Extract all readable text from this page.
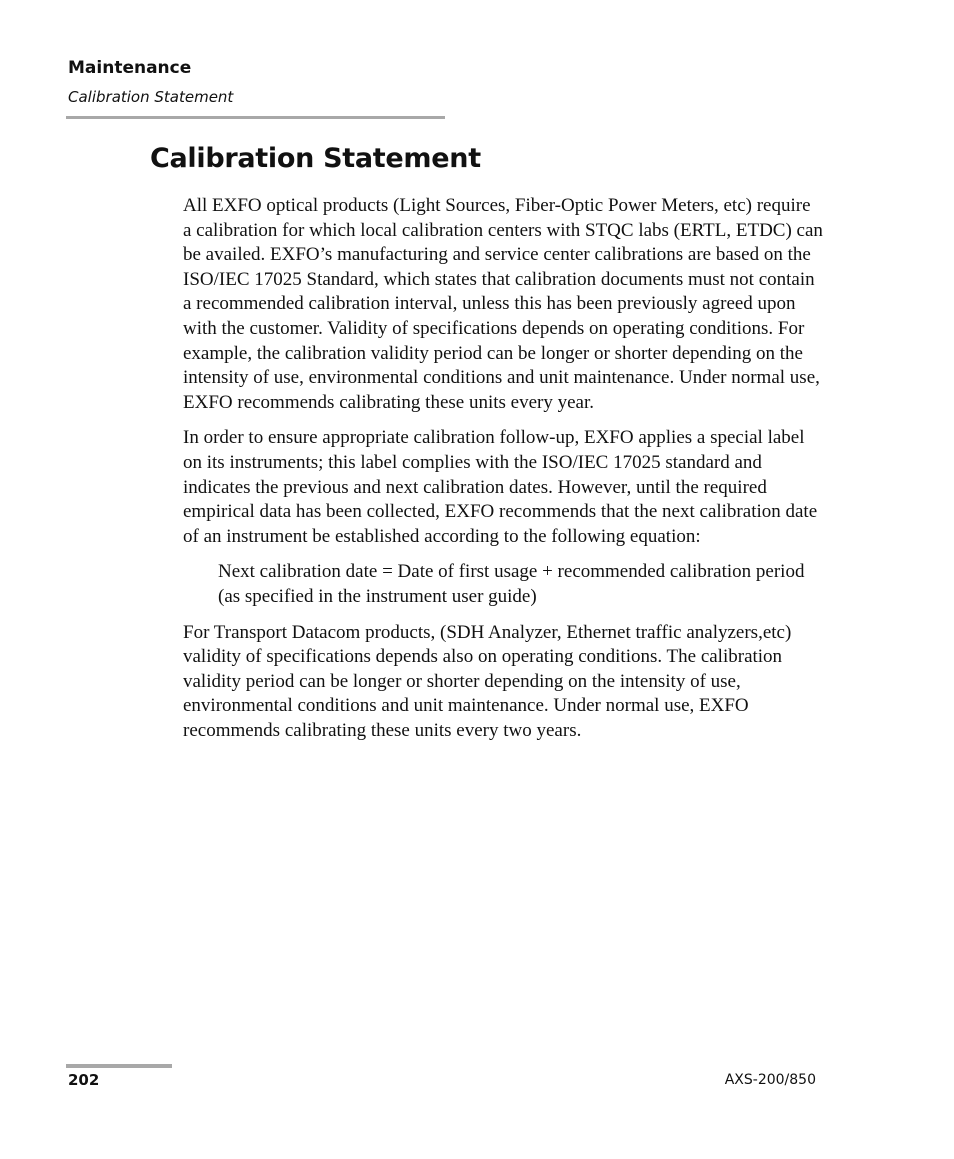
Maintenance
Calibration Statement
Calibration Statement

All EXFO optical products (Light Sources, Fiber-Optic Power Meters, etc) require a calibration for which local calibration centers with STQC labs (ERTL, ETDC) can be availed. EXFO’s manufacturing and service center calibrations are based on the ISO/IEC 17025 Standard, which states that calibration documents must not contain a recommended calibration interval, unless this has been previously agreed upon with the customer. Validity of specifications depends on operating conditions. For example, the calibration validity period can be longer or shorter depending on the intensity of use, environmental conditions and unit maintenance. Under normal use, EXFO recommends calibrating these units every year.

In order to ensure appropriate calibration follow-up, EXFO applies a special label on its instruments; this label complies with the ISO/IEC 17025 standard and indicates the previous and next calibration dates. However, until the required empirical data has been collected, EXFO recommends that the next calibration date of an instrument be established according to the following equation:

Next calibration date = Date of first usage + recommended calibration period (as specified in the instrument user guide)

For Transport Datacom products, (SDH Analyzer, Ethernet traffic analyzers,etc) validity of specifications depends also on operating conditions. The calibration validity period can be longer or shorter depending on the intensity of use, environmental conditions and unit maintenance. Under normal use, EXFO recommends calibrating these units every two years.

202	AXS-200/850
